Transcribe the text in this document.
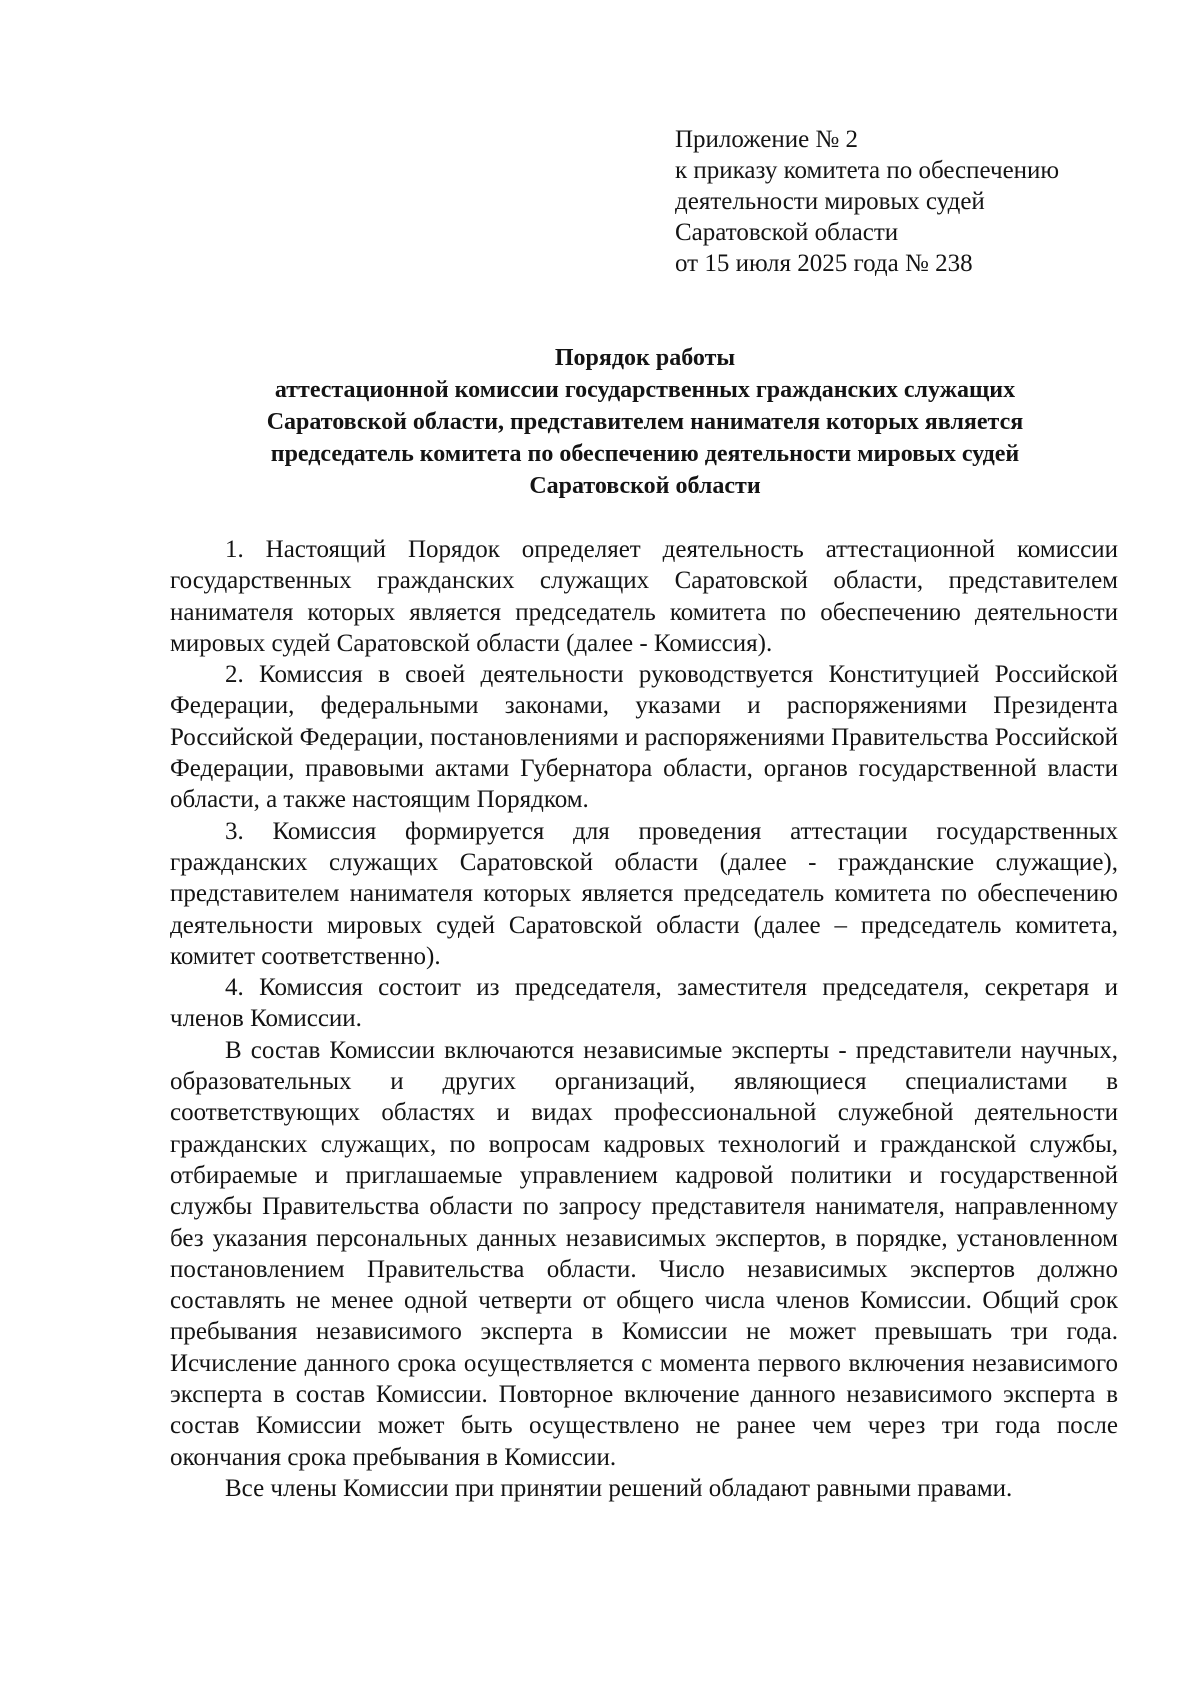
Приложение № 2
к приказу комитета по обеспечению
деятельности мировых судей
Саратовской области
от 15 июля 2025 года № 238
Порядок работы
аттестационной комиссии государственных гражданских служащих
Саратовской области, представителем нанимателя которых является
председатель комитета по обеспечению деятельности мировых судей
Саратовской области

1. Настоящий Порядок определяет деятельность аттестационной комиссии государственных гражданских служащих Саратовской области, представителем нанимателя которых является председатель комитета по обеспечению деятельности мировых судей Саратовской области (далее - Комиссия).

2. Комиссия в своей деятельности руководствуется Конституцией Российской Федерации, федеральными законами, указами и распоряжениями Президента Российской Федерации, постановлениями и распоряжениями Правительства Российской Федерации, правовыми актами Губернатора области, органов государственной власти области, а также настоящим Порядком.

3. Комиссия формируется для проведения аттестации государственных гражданских служащих Саратовской области (далее - гражданские служащие), представителем нанимателя которых является председатель комитета по обеспечению деятельности мировых судей Саратовской области (далее – председатель комитета, комитет соответственно).

4. Комиссия состоит из председателя, заместителя председателя, секретаря и членов Комиссии.

В состав Комиссии включаются независимые эксперты - представители научных, образовательных и других организаций, являющиеся специалистами в соответствующих областях и видах профессиональной служебной деятельности гражданских служащих, по вопросам кадровых технологий и гражданской службы, отбираемые и приглашаемые управлением кадровой политики и государственной службы Правительства области по запросу представителя нанимателя, направленному без указания персональных данных независимых экспертов, в порядке, установленном постановлением Правительства области. Число независимых экспертов должно составлять не менее одной четверти от общего числа членов Комиссии. Общий срок пребывания независимого эксперта в Комиссии не может превышать три года. Исчисление данного срока осуществляется с момента первого включения независимого эксперта в состав Комиссии. Повторное включение данного независимого эксперта в состав Комиссии может быть осуществлено не ранее чем через три года после окончания срока пребывания в Комиссии.

Все члены Комиссии при принятии решений обладают равными правами.
